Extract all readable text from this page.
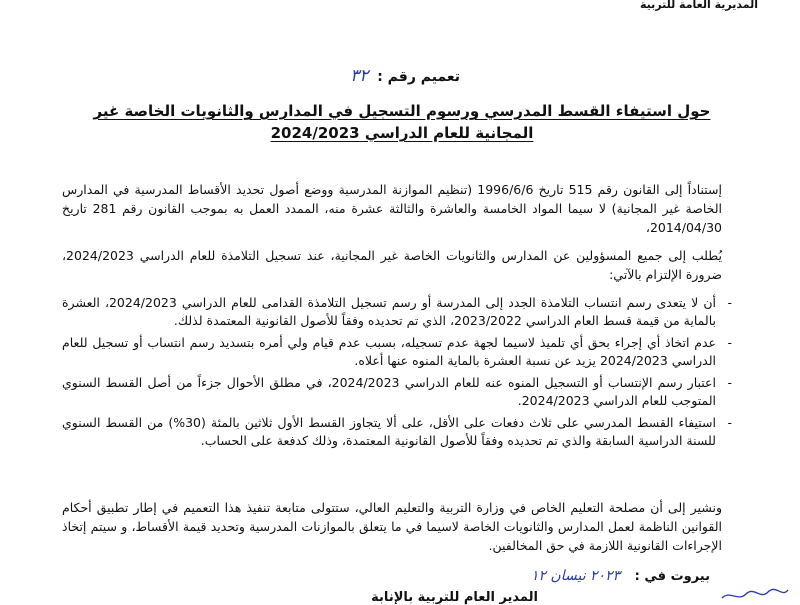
المديرية العامة للتربية
تعميم رقم : ٣٢
حول استيفاء القسط المدرسي ورسوم التسجيل في المدارس والثانويات الخاصة غير
المجانية للعام الدراسي 2024/2023
إستناداً إلى القانون رقم 515 تاريخ 1996/6/6 (تنظيم الموازنة المدرسية ووضع أصول تحديد الأقساط المدرسية في المدارس الخاصة غير المجانية) لا سيما المواد الخامسة والعاشرة والثالثة عشرة منه، الممدد العمل به بموجب القانون رقم 281 تاريخ 2014/04/30،
يُطلب إلى جميع المسؤولين عن المدارس والثانويات الخاصة غير المجانية، عند تسجيل التلامذة للعام الدراسي 2024/2023، ضرورة الإلتزام بالآتي:
- أن لا يتعدى رسم انتساب التلامذة الجدد إلى المدرسة أو رسم تسجيل التلامذة القدامى للعام الدراسي 2024/2023، العشرة بالماية من قيمة قسط العام الدراسي 2023/2022، الذي تم تحديده وفقاً للأصول القانونية المعتمدة لذلك.
- عدم اتخاذ أي إجراء بحق أي تلميذ لاسيما لجهة عدم تسجيله، بسبب عدم قيام ولي أمره بتسديد رسم انتساب أو تسجيل للعام الدراسي 2024/2023 يزيد عن نسبة العشرة بالماية المنوه عنها أعلاه.
- اعتبار رسم الإنتساب أو التسجيل المنوه عنه للعام الدراسي 2024/2023، في مطلق الأحوال جزءاً من أصل القسط السنوي المتوجب للعام الدراسي 2024/2023.
- استيفاء القسط المدرسي على ثلاث دفعات على الأقل، على ألا يتجاوز القسط الأول ثلاثين بالمئة (30%) من القسط السنوي للسنة الدراسية السابقة والذي تم تحديده وفقاً للأصول القانونية المعتمدة، وذلك كدفعة على الحساب.
ونشير إلى أن مصلحة التعليم الخاص في وزارة التربية والتعليم العالي، ستتولى متابعة تنفيذ هذا التعميم في إطار تطبيق أحكام القوانين الناظمة لعمل المدارس والثانويات الخاصة لاسيما في ما يتعلق بالموازنات المدرسية وتحديد قيمة الأقساط، و سيتم إتخاذ الإجراءات القانونية اللازمة في حق المخالفين.
بيروت في : ٢٠٢٣ نيسان ١٢
المدير العام للتربية بالإنابة
